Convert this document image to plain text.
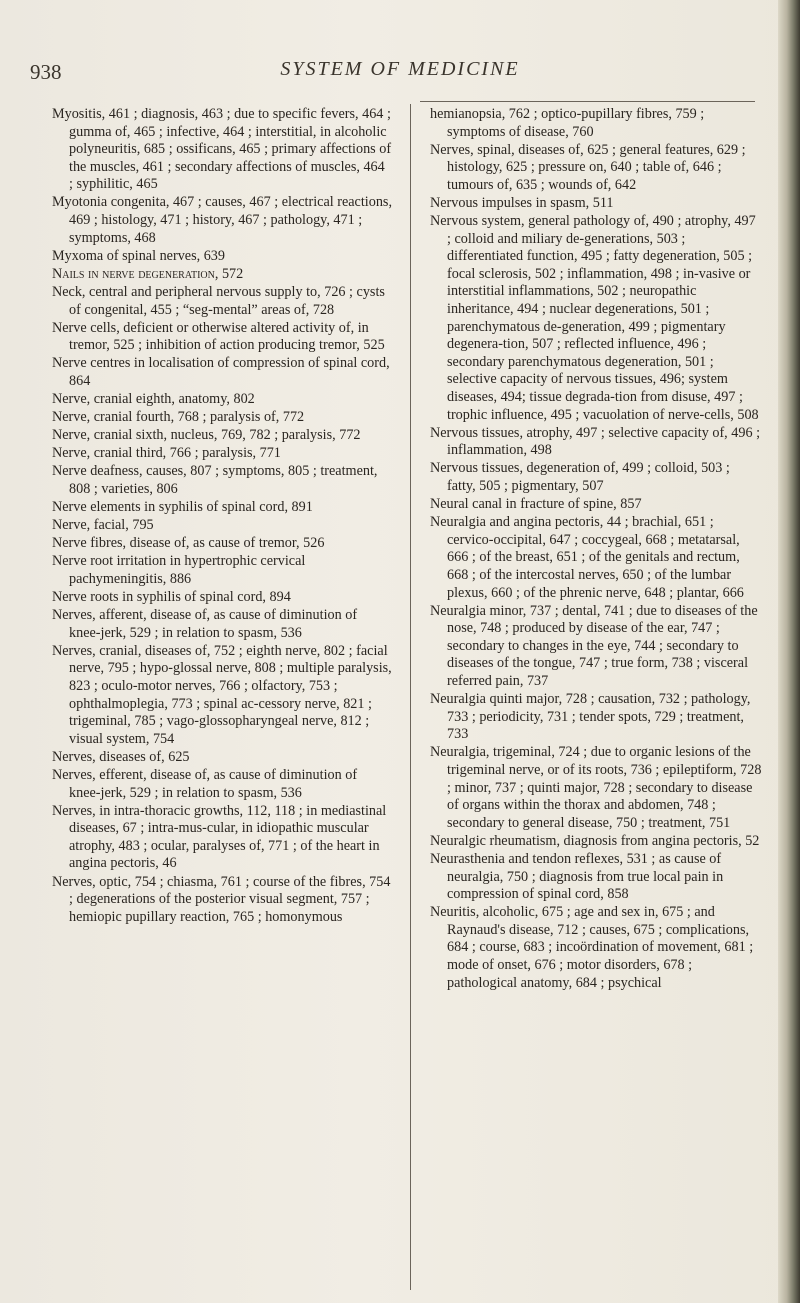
938	SYSTEM OF MEDICINE

Myositis, 461 ; diagnosis, 463 ; due to specific fevers, 464 ; gumma of, 465 ; infective, 464 ; interstitial, in alcoholic polyneuritis, 685 ; ossificans, 465 ; primary affections of the muscles, 461 ; secondary affections of muscles, 464 ; syphilitic, 465

Myotonia congenita, 467 ; causes, 467 ; electrical reactions, 469 ; histology, 471 ; history, 467 ; pathology, 471 ; symptoms, 468

Myxoma of spinal nerves, 639

Nails in nerve degeneration, 572

Neck, central and peripheral nervous supply to, 726 ; cysts of congenital, 455 ; “seg-mental” areas of, 728

Nerve cells, deficient or otherwise altered activity of, in tremor, 525 ; inhibition of action producing tremor, 525

Nerve centres in localisation of compression of spinal cord, 864

Nerve, cranial eighth, anatomy, 802

Nerve, cranial fourth, 768 ; paralysis of, 772

Nerve, cranial sixth, nucleus, 769, 782 ; paralysis, 772

Nerve, cranial third, 766 ; paralysis, 771

Nerve deafness, causes, 807 ; symptoms, 805 ; treatment, 808 ; varieties, 806

Nerve elements in syphilis of spinal cord, 891

Nerve, facial, 795

Nerve fibres, disease of, as cause of tremor, 526

Nerve root irritation in hypertrophic cervical pachymeningitis, 886

Nerve roots in syphilis of spinal cord, 894

Nerves, afferent, disease of, as cause of diminution of knee-jerk, 529 ; in relation to spasm, 536

Nerves, cranial, diseases of, 752 ; eighth nerve, 802 ; facial nerve, 795 ; hypo-glossal nerve, 808 ; multiple paralysis, 823 ; oculo-motor nerves, 766 ; olfactory, 753 ; ophthalmoplegia, 773 ; spinal ac-cessory nerve, 821 ; trigeminal, 785 ; vago-glossopharyngeal nerve, 812 ; visual system, 754

Nerves, diseases of, 625

Nerves, efferent, disease of, as cause of diminution of knee-jerk, 529 ; in relation to spasm, 536

Nerves, in intra-thoracic growths, 112, 118 ; in mediastinal diseases, 67 ; intra-mus-cular, in idiopathic muscular atrophy, 483 ; ocular, paralyses of, 771 ; of the heart in angina pectoris, 46

Nerves, optic, 754 ; chiasma, 761 ; course of the fibres, 754 ; degenerations of the posterior visual segment, 757 ; hemiopic pupillary reaction, 765 ; homonymous

hemianopsia, 762 ; optico-pupillary fibres, 759 ; symptoms of disease, 760

Nerves, spinal, diseases of, 625 ; general features, 629 ; histology, 625 ; pressure on, 640 ; table of, 646 ; tumours of, 635 ; wounds of, 642

Nervous impulses in spasm, 511

Nervous system, general pathology of, 490 ; atrophy, 497 ; colloid and miliary de-generations, 503 ; differentiated function, 495 ; fatty degeneration, 505 ; focal sclerosis, 502 ; inflammation, 498 ; in-vasive or interstitial inflammations, 502 ; neuropathic inheritance, 494 ; nuclear degenerations, 501 ; parenchymatous de-generation, 499 ; pigmentary degenera-tion, 507 ; reflected influence, 496 ; secondary parenchymatous degeneration, 501 ; selective capacity of nervous tissues, 496; system diseases, 494; tissue degrada-tion from disuse, 497 ; trophic influence, 495 ; vacuolation of nerve-cells, 508

Nervous tissues, atrophy, 497 ; selective capacity of, 496 ; inflammation, 498

Nervous tissues, degeneration of, 499 ; colloid, 503 ; fatty, 505 ; pigmentary, 507

Neural canal in fracture of spine, 857

Neuralgia and angina pectoris, 44 ; brachial, 651 ; cervico-occipital, 647 ; coccygeal, 668 ; metatarsal, 666 ; of the breast, 651 ; of the genitals and rectum, 668 ; of the intercostal nerves, 650 ; of the lumbar plexus, 660 ; of the phrenic nerve, 648 ; plantar, 666

Neuralgia minor, 737 ; dental, 741 ; due to diseases of the nose, 748 ; produced by disease of the ear, 747 ; secondary to changes in the eye, 744 ; secondary to diseases of the tongue, 747 ; true form, 738 ; visceral referred pain, 737

Neuralgia quinti major, 728 ; causation, 732 ; pathology, 733 ; periodicity, 731 ; tender spots, 729 ; treatment, 733

Neuralgia, trigeminal, 724 ; due to organic lesions of the trigeminal nerve, or of its roots, 736 ; epileptiform, 728 ; minor, 737 ; quinti major, 728 ; secondary to disease of organs within the thorax and abdomen, 748 ; secondary to general disease, 750 ; treatment, 751

Neuralgic rheumatism, diagnosis from angina pectoris, 52

Neurasthenia and tendon reflexes, 531 ; as cause of neuralgia, 750 ; diagnosis from true local pain in compression of spinal cord, 858

Neuritis, alcoholic, 675 ; age and sex in, 675 ; and Raynaud's disease, 712 ; causes, 675 ; complications, 684 ; course, 683 ; incoördination of movement, 681 ; mode of onset, 676 ; motor disorders, 678 ; pathological anatomy, 684 ; psychical
